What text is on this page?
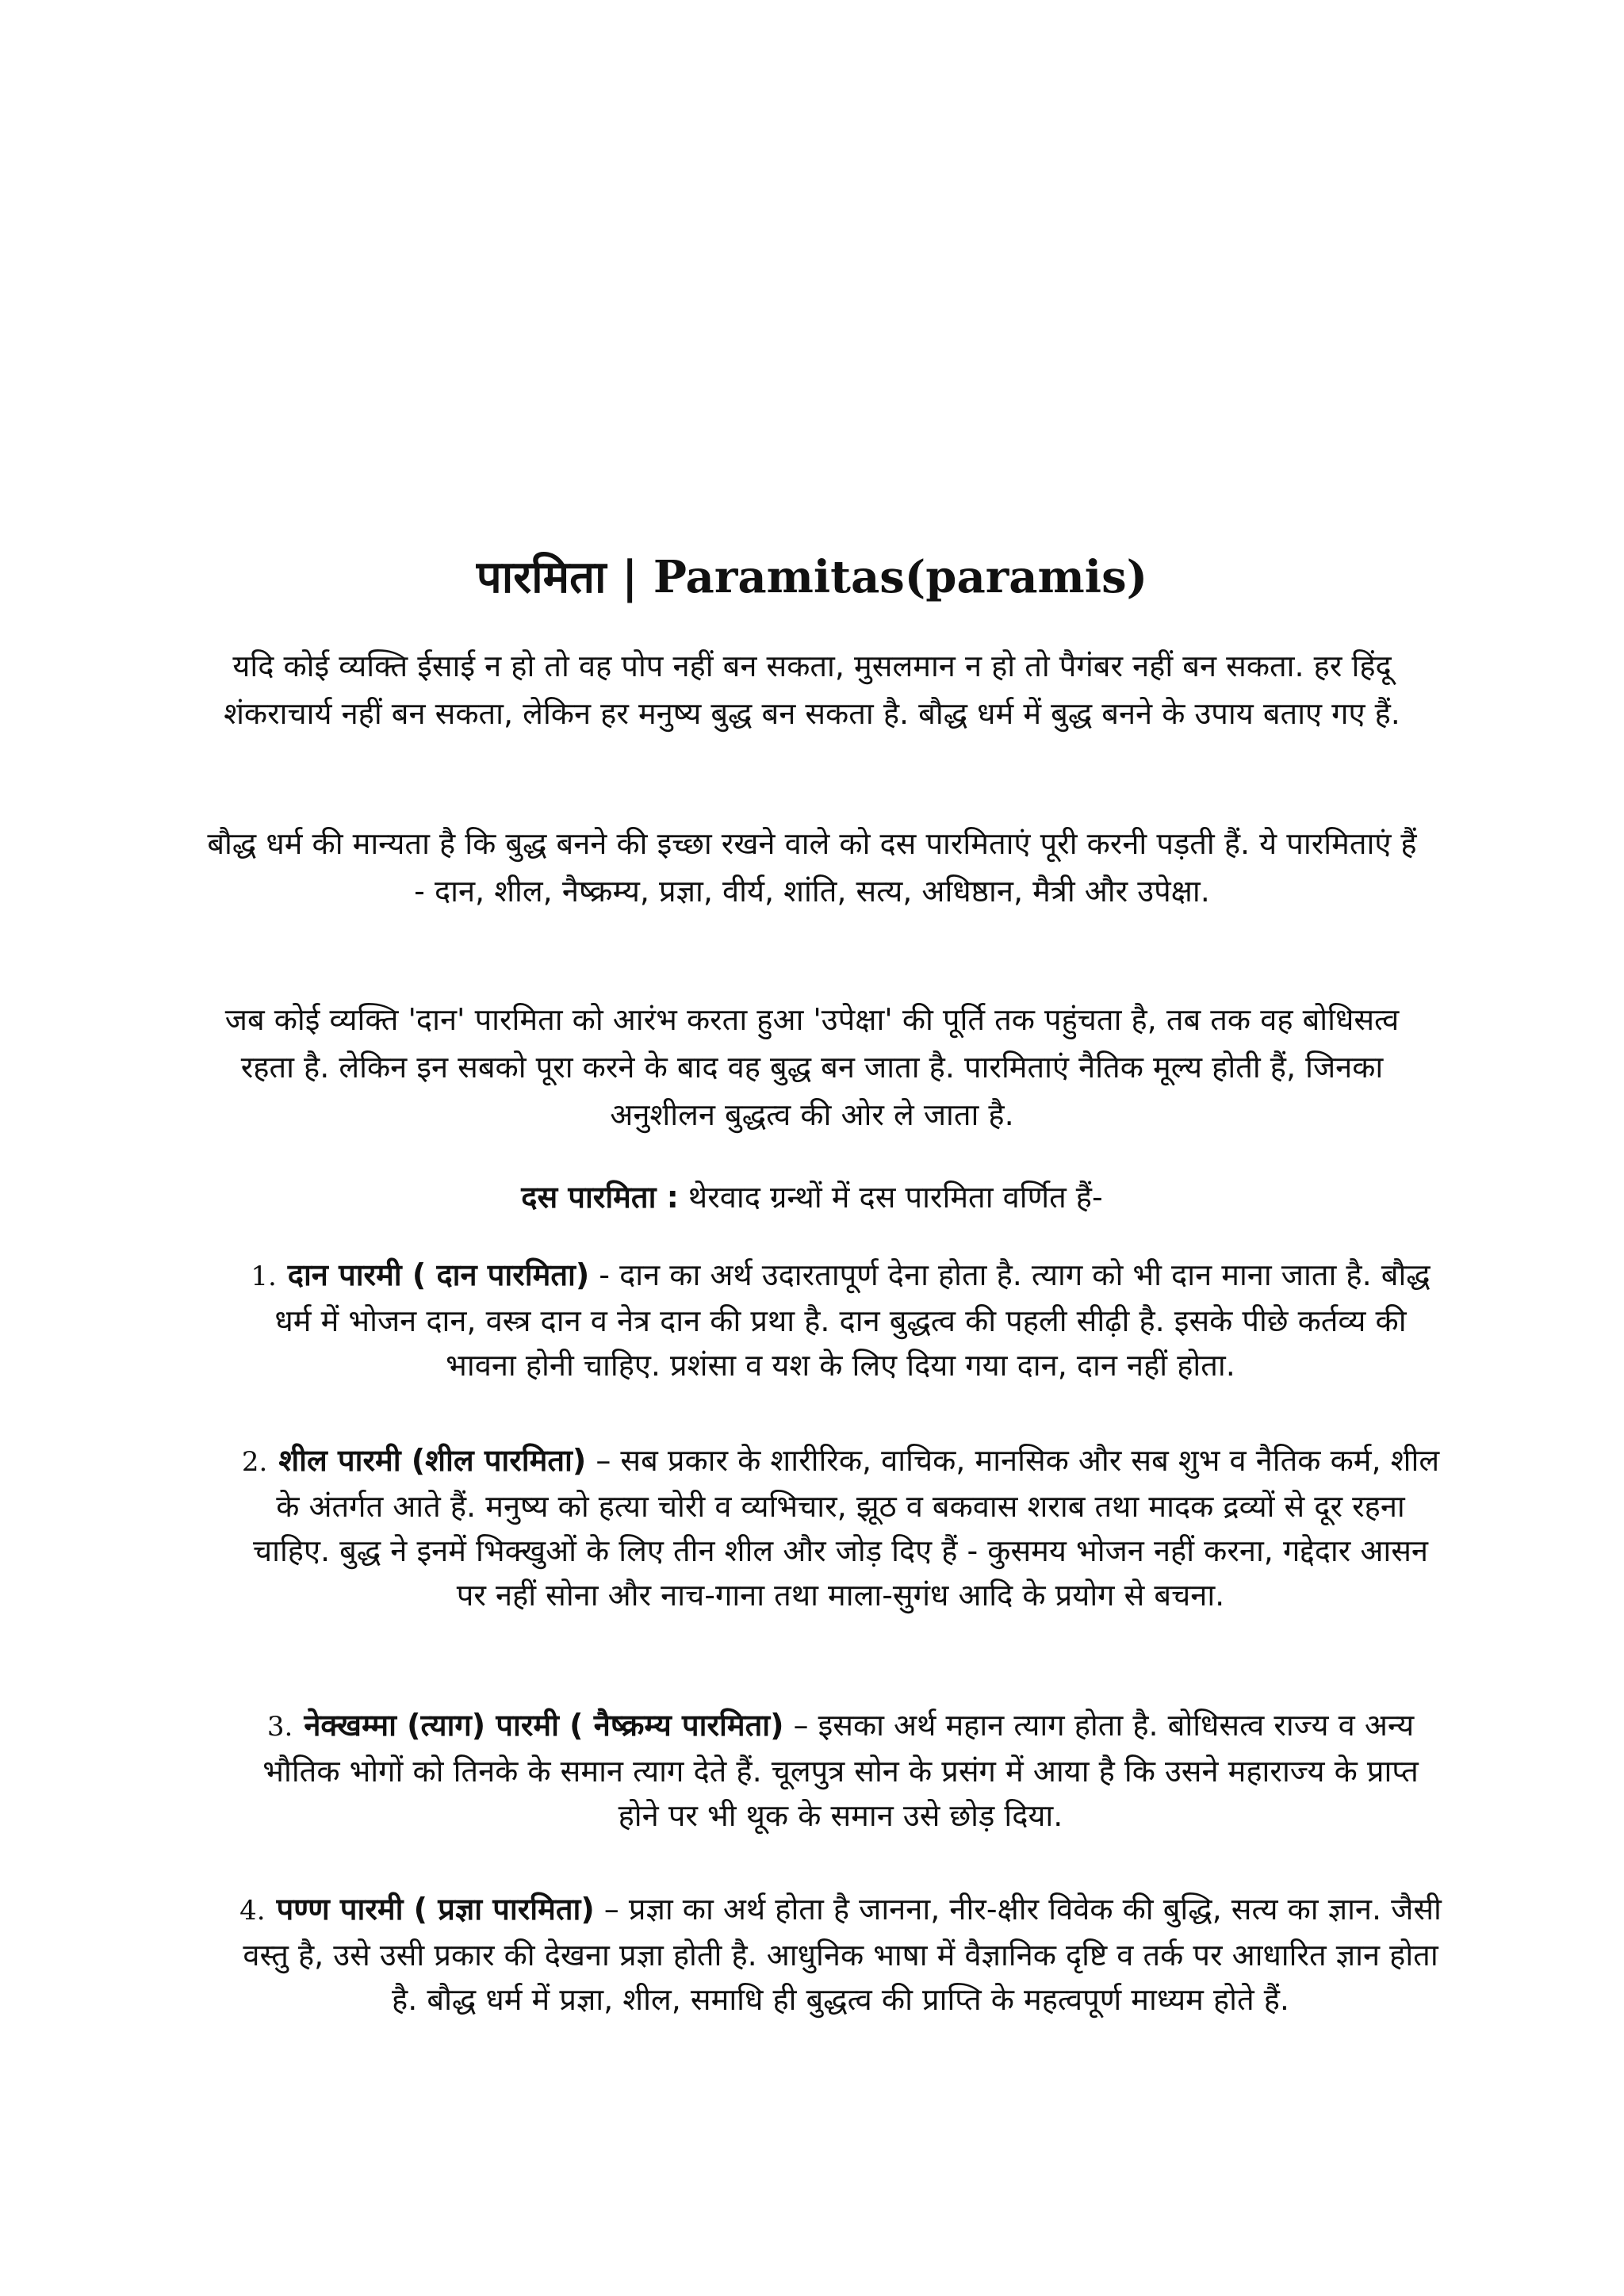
पारमिता | Paramitas(paramis)

यदि कोई व्यक्ति ईसाई न हो तो वह पोप नहीं बन सकता, मुसलमान न हो तो पैगंबर नहीं बन सकता. हर हिंदू शंकराचार्य नहीं बन सकता, लेकिन हर मनुष्य बुद्ध बन सकता है. बौद्ध धर्म में बुद्ध बनने के उपाय बताए गए हैं.

बौद्ध धर्म की मान्यता है कि बुद्ध बनने की इच्छा रखने वाले को दस पारमिताएं पूरी करनी पड़ती हैं. ये पारमिताएं हैं - दान, शील, नैष्क्रम्य, प्रज्ञा, वीर्य, शांति, सत्य, अधिष्ठान, मैत्री और उपेक्षा.

जब कोई व्यक्ति 'दान' पारमिता को आरंभ करता हुआ 'उपेक्षा' की पूर्ति तक पहुंचता है, तब तक वह बोधिसत्व रहता है. लेकिन इन सबको पूरा करने के बाद वह बुद्ध बन जाता है. पारमिताएं नैतिक मूल्य होती हैं, जिनका अनुशीलन बुद्धत्व की ओर ले जाता है.

दस पारमिता : थेरवाद ग्रन्थों में दस पारमिता वर्णित हैं-
1. दान पारमी ( दान पारमिता) - दान का अर्थ उदारतापूर्ण देना होता है. त्याग को भी दान माना जाता है. बौद्ध धर्म में भोजन दान, वस्त्र दान व नेत्र दान की प्रथा है. दान बुद्धत्व की पहली सीढ़ी है. इसके पीछे कर्तव्य की भावना होनी चाहिए. प्रशंसा व यश के लिए दिया गया दान, दान नहीं होता.
2. शील पारमी (शील पारमिता) – सब प्रकार के शारीरिक, वाचिक, मानसिक और सब शुभ व नैतिक कर्म, शील के अंतर्गत आते हैं. मनुष्य को हत्या चोरी व व्यभिचार, झूठ व बकवास शराब तथा मादक द्रव्यों से दूर रहना चाहिए. बुद्ध ने इनमें भिक्खुओं के लिए तीन शील और जोड़ दिए हैं - कुसमय भोजन नहीं करना, गद्देदार आसन पर नहीं सोना और नाच-गाना तथा माला-सुगंध आदि के प्रयोग से बचना.
3. नेक्खम्मा (त्याग) पारमी ( नैष्क्रम्य पारमिता) – इसका अर्थ महान त्याग होता है. बोधिसत्व राज्य व अन्य भौतिक भोगों को तिनके के समान त्याग देते हैं. चूलपुत्र सोन के प्रसंग में आया है कि उसने महाराज्य के प्राप्त होने पर भी थूक के समान उसे छोड़ दिया.
4. पण्ण पारमी ( प्रज्ञा पारमिता) – प्रज्ञा का अर्थ होता है जानना, नीर-क्षीर विवेक की बुद्धि, सत्य का ज्ञान. जैसी वस्तु है, उसे उसी प्रकार की देखना प्रज्ञा होती है. आधुनिक भाषा में वैज्ञानिक दृष्टि व तर्क पर आधारित ज्ञान होता है. बौद्ध धर्म में प्रज्ञा, शील, समाधि ही बुद्धत्व की प्राप्ति के महत्वपूर्ण माध्यम होते हैं.
